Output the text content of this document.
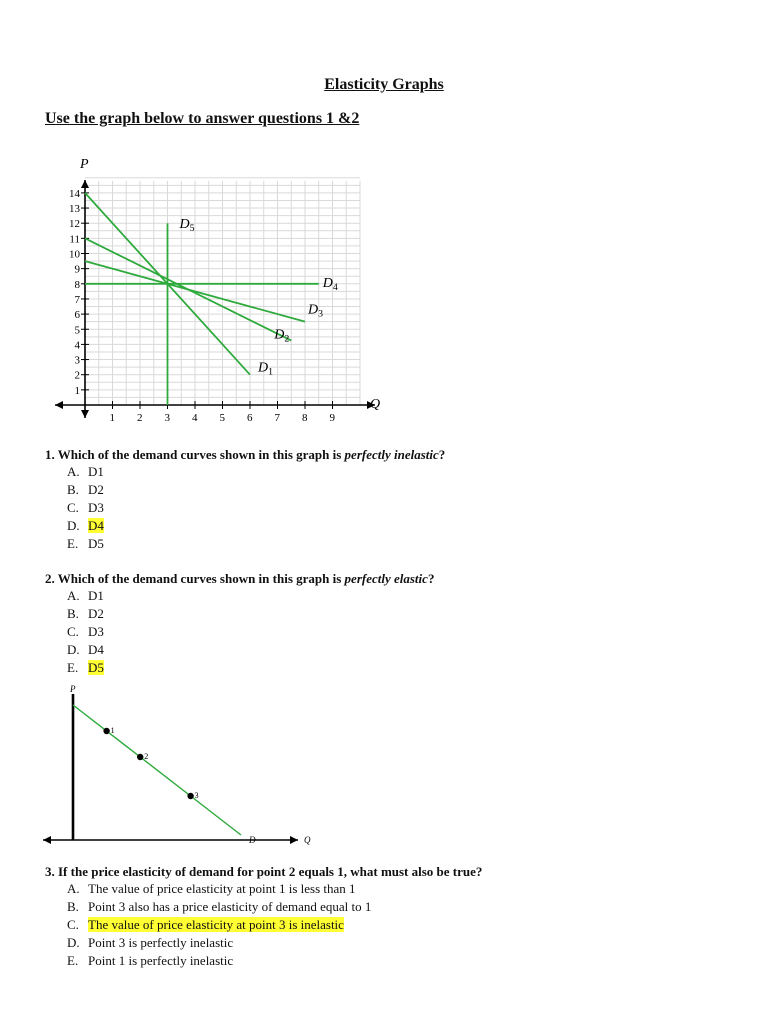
Elasticity Graphs
Use the graph below to answer questions 1 &2
P
Q
1 2 3 4 5 6 7 8 9
14
13
12
11
10
9
8
7
6
5
4
3
2
1
$D_1$
$D_2$
$D_3$
$D_4$
$D_5$

1. Which of the demand curves shown in this graph is perfectly inelastic?

A. D1
B. D2
C. D3
D. D4
E. D5

2. Which of the demand curves shown in this graph is perfectly elastic?

A. D1
B. D2
C. D3
D. D4
E. D5
P
Q
D
1
2
3

3. If the price elasticity of demand for point 2 equals 1, what must also be true?

A. The value of price elasticity at point 1 is less than 1
B. Point 3 also has a price elasticity of demand equal to 1
C. The value of price elasticity at point 3 is inelastic
D. Point 3 is perfectly inelastic
E. Point 1 is perfectly inelastic
